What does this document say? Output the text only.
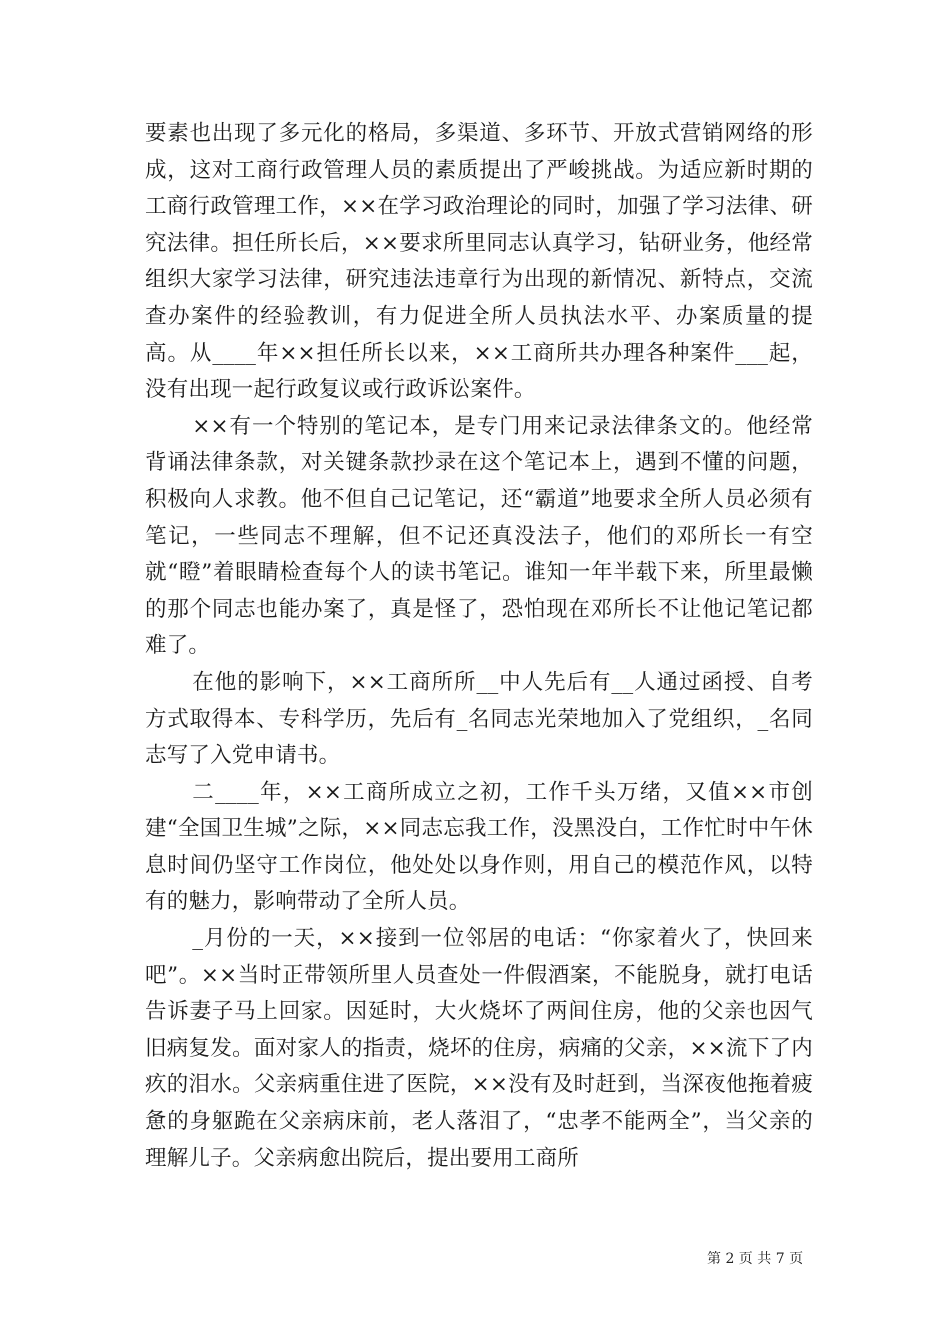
要素也出现了多元化的格局，多渠道、多环节、开放式营销网络的形成，这对工商行政管理人员的素质提出了严峻挑战。为适应新时期的工商行政管理工作，××在学习政治理论的同时，加强了学习法律、研究法律。担任所长后，××要求所里同志认真学习，钻研业务，他经常组织大家学习法律，研究违法违章行为出现的新情况、新特点，交流查办案件的经验教训，有力促进全所人员执法水平、办案质量的提高。从____年××担任所长以来，××工商所共办理各种案件___起，没有出现一起行政复议或行政诉讼案件。

××有一个特别的笔记本，是专门用来记录法律条文的。他经常背诵法律条款，对关键条款抄录在这个笔记本上，遇到不懂的问题，积极向人求教。他不但自己记笔记，还“霸道”地要求全所人员必须有笔记，一些同志不理解，但不记还真没法子，他们的邓所长一有空就“瞪”着眼睛检查每个人的读书笔记。谁知一年半载下来，所里最懒的那个同志也能办案了，真是怪了，恐怕现在邓所长不让他记笔记都难了。

在他的影响下，××工商所所__中人先后有__人通过函授、自考方式取得本、专科学历，先后有_名同志光荣地加入了党组织，_名同志写了入党申请书。

二____年，××工商所成立之初，工作千头万绪，又值××市创建“全国卫生城”之际，××同志忘我工作，没黑没白，工作忙时中午休息时间仍坚守工作岗位，他处处以身作则，用自己的模范作风，以特有的魅力，影响带动了全所人员。

_月份的一天，××接到一位邻居的电话：“你家着火了，快回来吧”。××当时正带领所里人员查处一件假酒案，不能脱身，就打电话告诉妻子马上回家。因延时，大火烧坏了两间住房，他的父亲也因气旧病复发。面对家人的指责，烧坏的住房，病痛的父亲，××流下了内疚的泪水。父亲病重住进了医院，××没有及时赶到，当深夜他拖着疲惫的身躯跪在父亲病床前，老人落泪了，“忠孝不能两全”，当父亲的理解儿子。父亲病愈出院后，提出要用工商所

第 2 页 共 7 页
